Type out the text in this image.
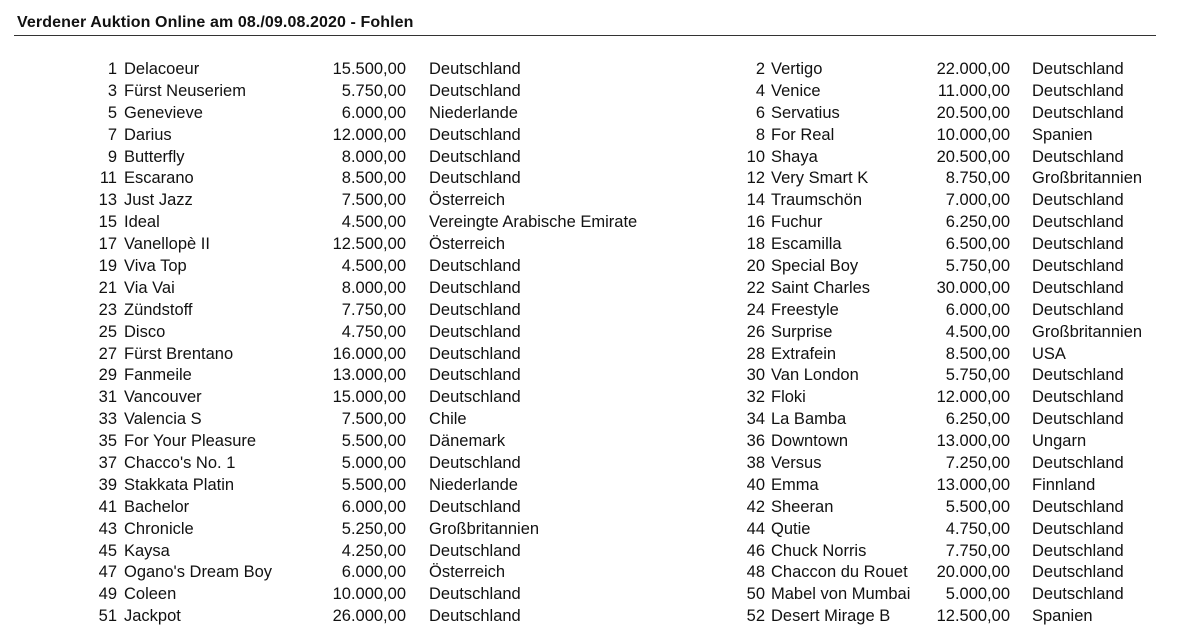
Verdener Auktion Online am 08./09.08.2020 - Fohlen
1 Delacoeur	15.500,00 Deutschland
3 Fürst Neuseriem	5.750,00 Deutschland
5 Genevieve	6.000,00 Niederlande
7 Darius	12.000,00 Deutschland
9 Butterfly	8.000,00 Deutschland
11 Escarano	8.500,00 Deutschland
13 Just Jazz	7.500,00 Österreich
15 Ideal	4.500,00 Vereingte Arabische Emirate
17 Vanellopè II	12.500,00 Österreich
19 Viva Top	4.500,00 Deutschland
21 Via Vai	8.000,00 Deutschland
23 Zündstoff	7.750,00 Deutschland
25 Disco	4.750,00 Deutschland
27 Fürst Brentano	16.000,00 Deutschland
29 Fanmeile	13.000,00 Deutschland
31 Vancouver	15.000,00 Deutschland
33 Valencia S	7.500,00 Chile
35 For Your Pleasure	5.500,00 Dänemark
37 Chacco's No. 1	5.000,00 Deutschland
39 Stakkata Platin	5.500,00 Niederlande
41 Bachelor	6.000,00 Deutschland
43 Chronicle	5.250,00 Großbritannien
45 Kaysa	4.250,00 Deutschland
47 Ogano's Dream Boy	6.000,00 Österreich
49 Coleen	10.000,00 Deutschland
51 Jackpot	26.000,00 Deutschland
2 Vertigo	22.000,00 Deutschland
4 Venice	11.000,00 Deutschland
6 Servatius	20.500,00 Deutschland
8 For Real	10.000,00 Spanien
10 Shaya	20.500,00 Deutschland
12 Very Smart K	8.750,00 Großbritannien
14 Traumschön	7.000,00 Deutschland
16 Fuchur	6.250,00 Deutschland
18 Escamilla	6.500,00 Deutschland
20 Special Boy	5.750,00 Deutschland
22 Saint Charles	30.000,00 Deutschland
24 Freestyle	6.000,00 Deutschland
26 Surprise	4.500,00 Großbritannien
28 Extrafein	8.500,00 USA
30 Van London	5.750,00 Deutschland
32 Floki	12.000,00 Deutschland
34 La Bamba	6.250,00 Deutschland
36 Downtown	13.000,00 Ungarn
38 Versus	7.250,00 Deutschland
40 Emma	13.000,00 Finnland
42 Sheeran	5.500,00 Deutschland
44 Qutie	4.750,00 Deutschland
46 Chuck Norris	7.750,00 Deutschland
48 Chaccon du Rouet 20.000,00 Deutschland
50 Mabel von Mumbai 5.000,00 Deutschland
52 Desert Mirage B	12.500,00 Spanien
